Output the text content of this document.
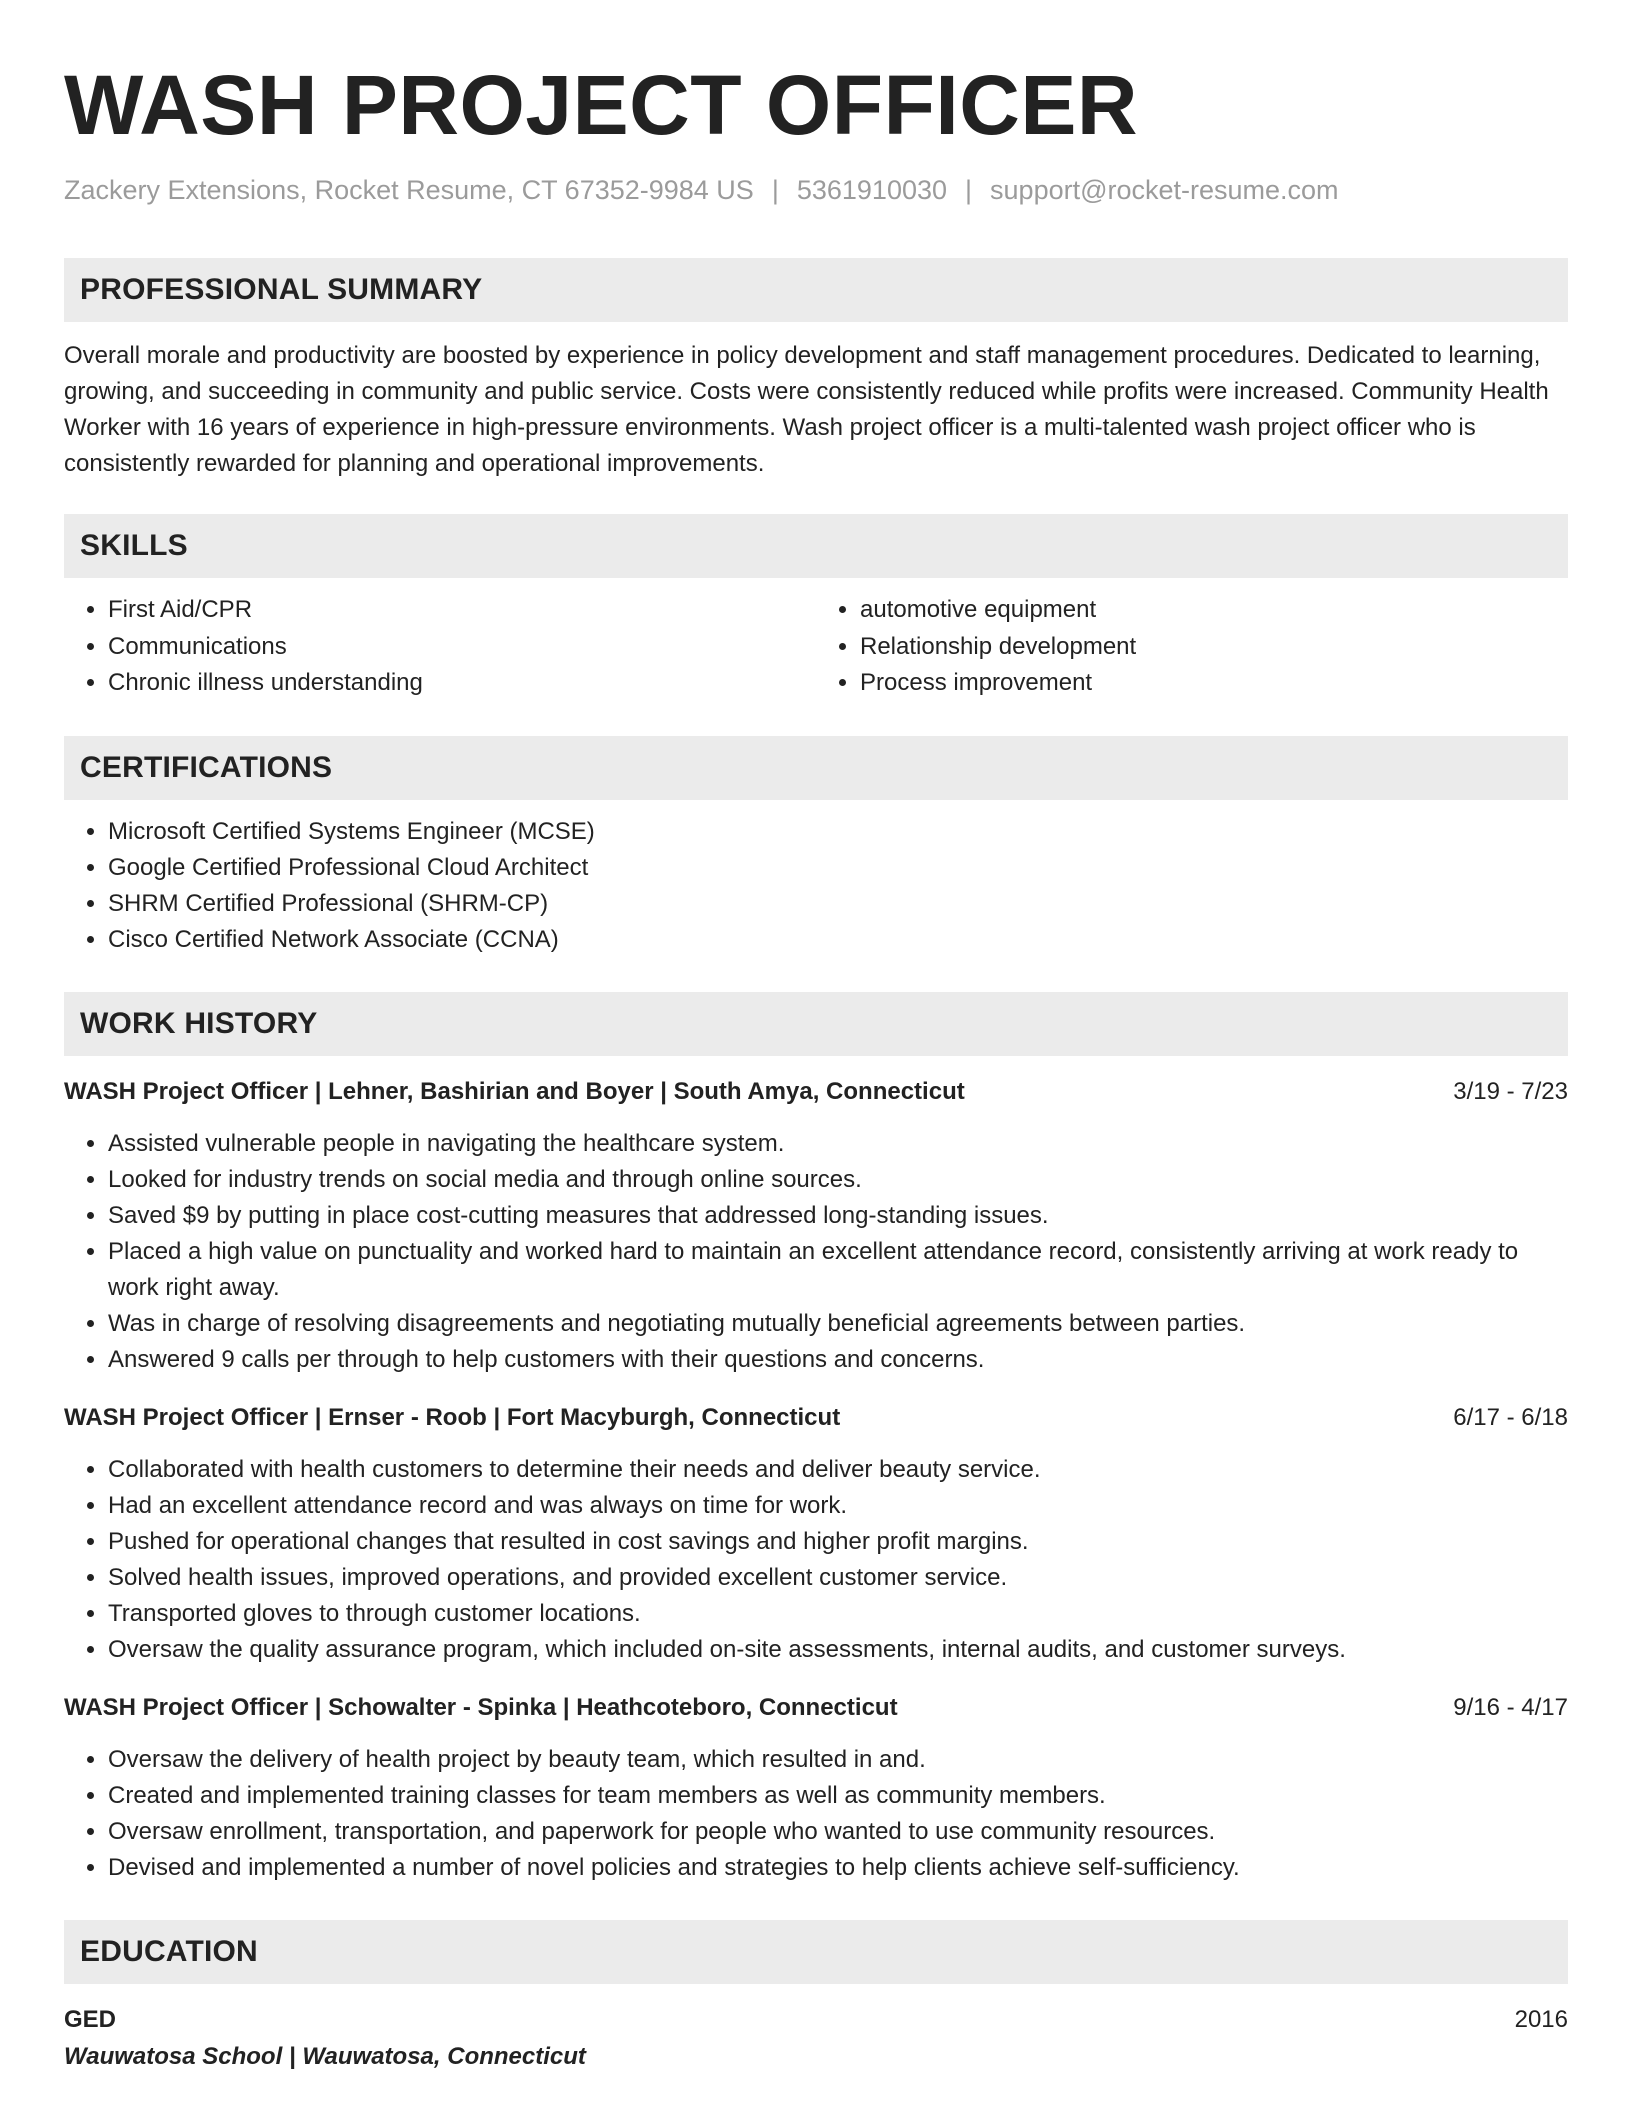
WASH PROJECT OFFICER
Zackery Extensions, Rocket Resume, CT 67352-9984 US | 5361910030 | support@rocket-resume.com
PROFESSIONAL SUMMARY

Overall morale and productivity are boosted by experience in policy development and staff management procedures. Dedicated to learning, growing, and succeeding in community and public service. Costs were consistently reduced while profits were increased. Community Health Worker with 16 years of experience in high-pressure environments. Wash project officer is a multi-talented wash project officer who is consistently rewarded for planning and operational improvements.

SKILLS
• First Aid/CPR
• Communications
• Chronic illness understanding
• automotive equipment
• Relationship development
• Process improvement
CERTIFICATIONS
• Microsoft Certified Systems Engineer (MCSE)
• Google Certified Professional Cloud Architect
• SHRM Certified Professional (SHRM-CP)
• Cisco Certified Network Associate (CCNA)
WORK HISTORY
WASH Project Officer | Lehner, Bashirian and Boyer | South Amya, Connecticut	3/19 - 7/23
• Assisted vulnerable people in navigating the healthcare system.
• Looked for industry trends on social media and through online sources.
• Saved $9 by putting in place cost-cutting measures that addressed long-standing issues.
• Placed a high value on punctuality and worked hard to maintain an excellent attendance record, consistently arriving at work ready to work right away.
• Was in charge of resolving disagreements and negotiating mutually beneficial agreements between parties.
• Answered 9 calls per through to help customers with their questions and concerns.
WASH Project Officer | Ernser - Roob | Fort Macyburgh, Connecticut	6/17 - 6/18
• Collaborated with health customers to determine their needs and deliver beauty service.
• Had an excellent attendance record and was always on time for work.
• Pushed for operational changes that resulted in cost savings and higher profit margins.
• Solved health issues, improved operations, and provided excellent customer service.
• Transported gloves to through customer locations.
• Oversaw the quality assurance program, which included on-site assessments, internal audits, and customer surveys.
WASH Project Officer | Schowalter - Spinka | Heathcoteboro, Connecticut	9/16 - 4/17
• Oversaw the delivery of health project by beauty team, which resulted in and.
• Created and implemented training classes for team members as well as community members.
• Oversaw enrollment, transportation, and paperwork for people who wanted to use community resources.
• Devised and implemented a number of novel policies and strategies to help clients achieve self-sufficiency.
EDUCATION
GED	2016
Wauwatosa School | Wauwatosa, Connecticut
